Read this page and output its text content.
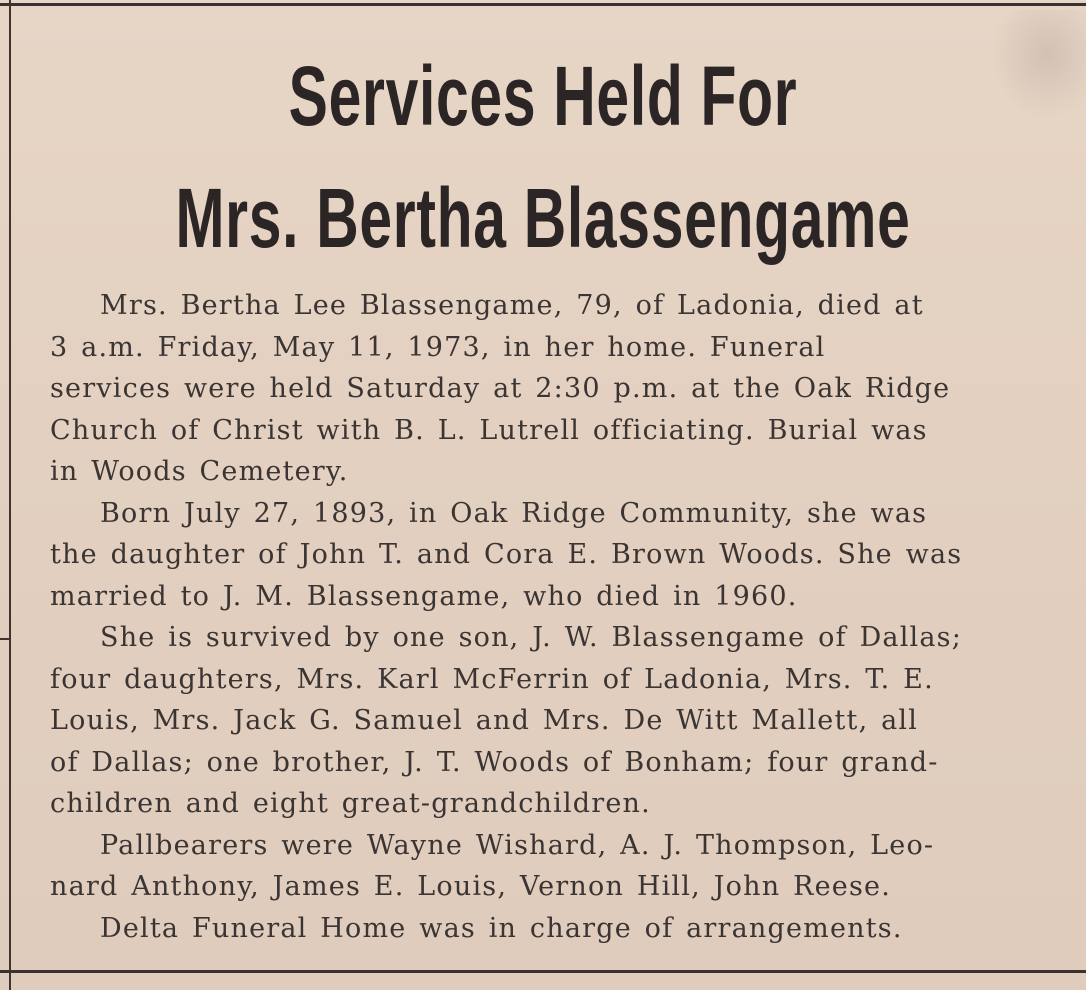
Services Held For
Mrs. Bertha Blassengame
Mrs. Bertha Lee Blassengame, 79, of Ladonia, died at
3 a.m. Friday, May 11, 1973, in her home. Funeral
services were held Saturday at 2:30 p.m. at the Oak Ridge
Church of Christ with B. L. Lutrell officiating. Burial was
in Woods Cemetery.
Born July 27, 1893, in Oak Ridge Community, she was
the daughter of John T. and Cora E. Brown Woods. She was
married to J. M. Blassengame, who died in 1960.
She is survived by one son, J. W. Blassengame of Dallas;
four daughters, Mrs. Karl McFerrin of Ladonia, Mrs. T. E.
Louis, Mrs. Jack G. Samuel and Mrs. De Witt Mallett, all
of Dallas; one brother, J. T. Woods of Bonham; four grand-
children and eight great-grandchildren.
Pallbearers were Wayne Wishard, A. J. Thompson, Leo-
nard Anthony, James E. Louis, Vernon Hill, John Reese.
Delta Funeral Home was in charge of arrangements.
